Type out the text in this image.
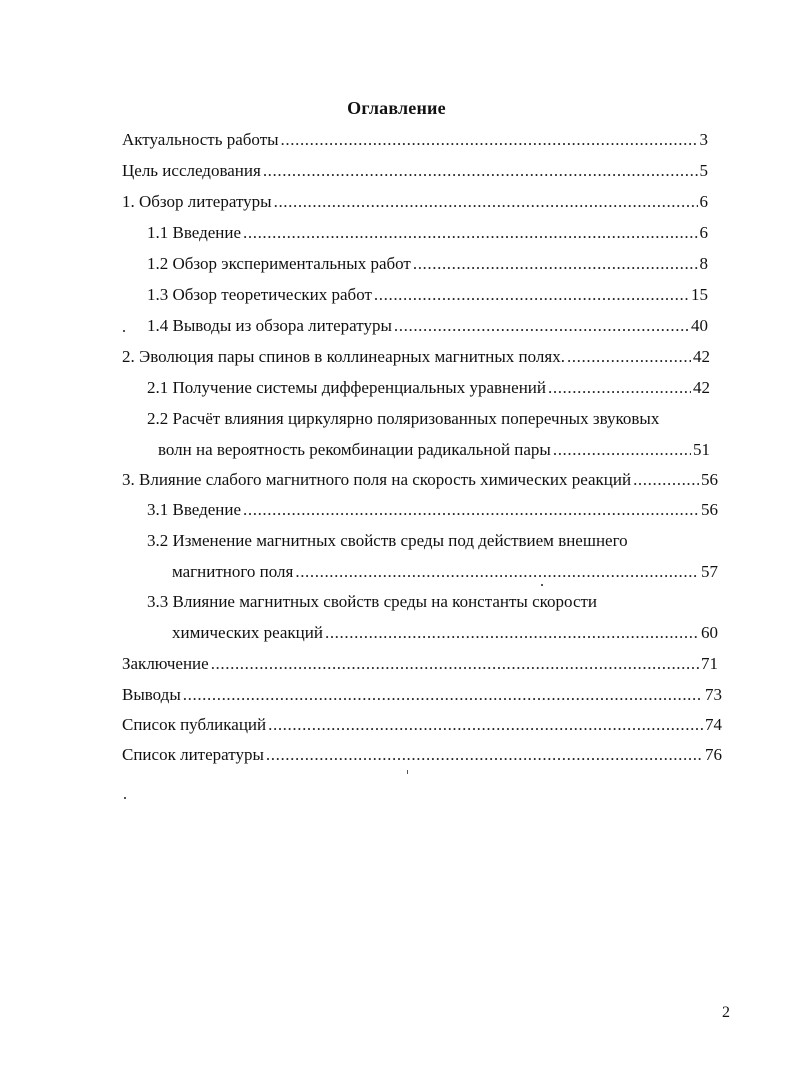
Оглавление
Актуальность работы .....	3
Цель исследования .....	5
1. Обзор литературы .....	6
1.1 Введение .....	6
1.2 Обзор экспериментальных работ .....	8
1.3 Обзор теоретических работ .....	15
1.4 Выводы из обзора литературы .....	40
2. Эволюция пары спинов в коллинеарных магнитных полях. .....	42
2.1 Получение системы дифференциальных уравнений .....	42
2.2 Расчёт влияния циркулярно поляризованных поперечных звуковых
волн на вероятность рекомбинации радикальной пары .....	51
3. Влияние слабого магнитного поля на скорость химических реакций .....	56
3.1 Введение .....	56
3.2 Изменение магнитных свойств среды под действием внешнего
магнитного поля .....	57
3.3 Влияние магнитных свойств среды на константы скорости
химических реакций .....	60
Заключение .....	71
Выводы .....	73
Список публикаций .....	74
Список литературы .....	76
2
